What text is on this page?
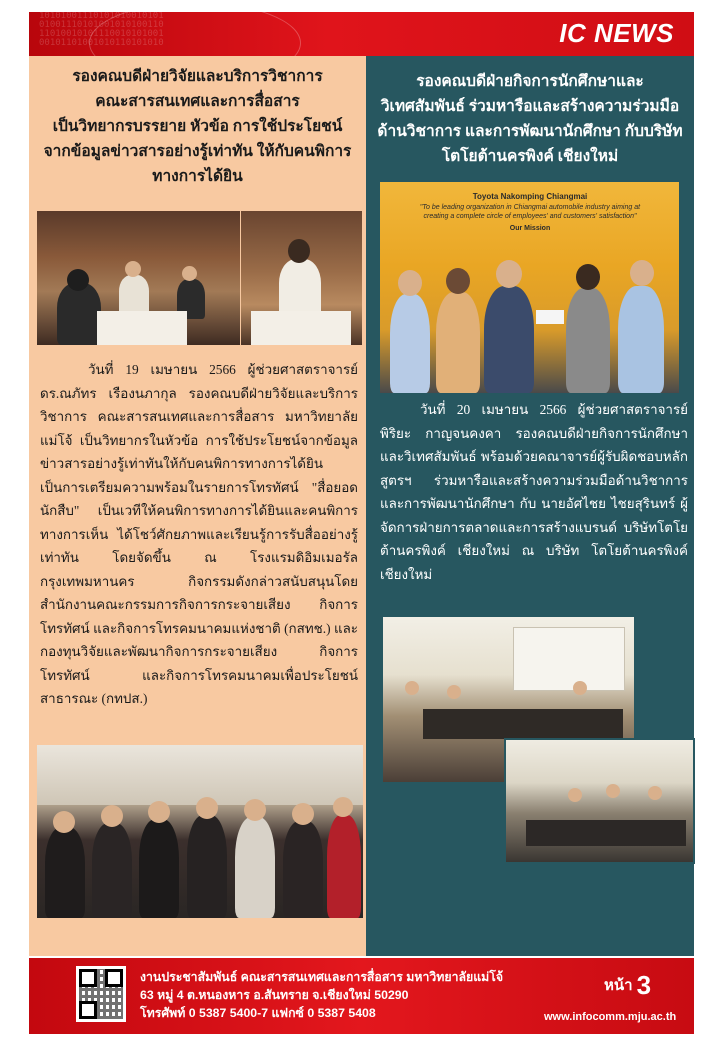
10101001110101010010101
01001110101001010100110
11010010101110010101001
00101101001010110101010	IC NEWS
รองคณบดีฝ่ายวิจัยและบริการวิชาการ
คณะสารสนเทศและการสื่อสาร
เป็นวิทยากรบรรยาย หัวข้อ การใช้ประโยชน์
จากข้อมูลข่าวสารอย่างรู้เท่าทัน ให้กับคนพิการ
ทางการได้ยิน

วันที่ 19 เมษายน 2566 ผู้ช่วยศาสตราจารย์ ดร.ณภัทร เรืองนภากุล รองคณบดีฝ่ายวิจัยและบริการวิชาการ คณะสารสนเทศและการสื่อสาร มหาวิทยาลัยแม่โจ้ เป็นวิทยากรในหัวข้อ การใช้ประโยชน์จากข้อมูลข่าวสารอย่างรู้เท่าทันให้กับคนพิการทางการได้ยิน เป็นการเตรียมความพร้อมในรายการโทรทัศน์ "สื่อยอดนักสืบ" เป็นเวทีให้คนพิการทางการได้ยินและคนพิการทางการเห็น ได้โชว์ศักยภาพและเรียนรู้การรับสื่ออย่างรู้เท่าทัน โดยจัดขึ้น ณ โรงแรมดิอิมเมอรัล กรุงเทพมหานคร กิจกรรมดังกล่าวสนับสนุนโดย สำนักงานคณะกรรมการกิจการกระจายเสียง กิจการโทรทัศน์ และกิจการโทรคมนาคมแห่งชาติ (กสทช.) และ กองทุนวิจัยและพัฒนากิจการกระจายเสียง กิจการโทรทัศน์ และกิจการโทรคมนาคมเพื่อประโยชน์สาธารณะ (กทปส.)

รองคณบดีฝ่ายกิจการนักศึกษาและ
วิเทศสัมพันธ์ ร่วมหารือและสร้างความร่วมมือ
ด้านวิชาการ และการพัฒนานักศึกษา กับบริษัท
โตโยต้านครพิงค์ เชียงใหม่
Toyota Nakomping Chiangmai
"To be leading organization in Chiangmai automobile industry aiming at creating a complete circle of employees' and customers' satisfaction"
Our Mission

วันที่ 20 เมษายน 2566 ผู้ช่วยศาสตราจารย์ พิริยะ กาญจนคงคา รองคณบดีฝ่ายกิจการนักศึกษาและวิเทศสัมพันธ์ พร้อมด้วยคณาจารย์ผู้รับผิดชอบหลักสูตรฯ ร่วมหารือและสร้างความร่วมมือด้านวิชาการและการพัฒนานักศึกษา กับ นายอัศไชย ไชยสุรินทร์ ผู้จัดการฝ่ายการตลาดและการสร้างแบรนด์ บริษัทโตโยต้านครพิงค์ เชียงใหม่ ณ บริษัท โตโยต้านครพิงค์ เชียงใหม่

งานประชาสัมพันธ์ คณะสารสนเทศและการสื่อสาร มหาวิทยาลัยแม่โจ้
63 หมู่ 4 ต.หนองหาร อ.สันทราย จ.เชียงใหม่ 50290
โทรศัพท์ 0 5387 5400-7 แฟกซ์ 0 5387 5408
หน้า 3
www.infocomm.mju.ac.th
